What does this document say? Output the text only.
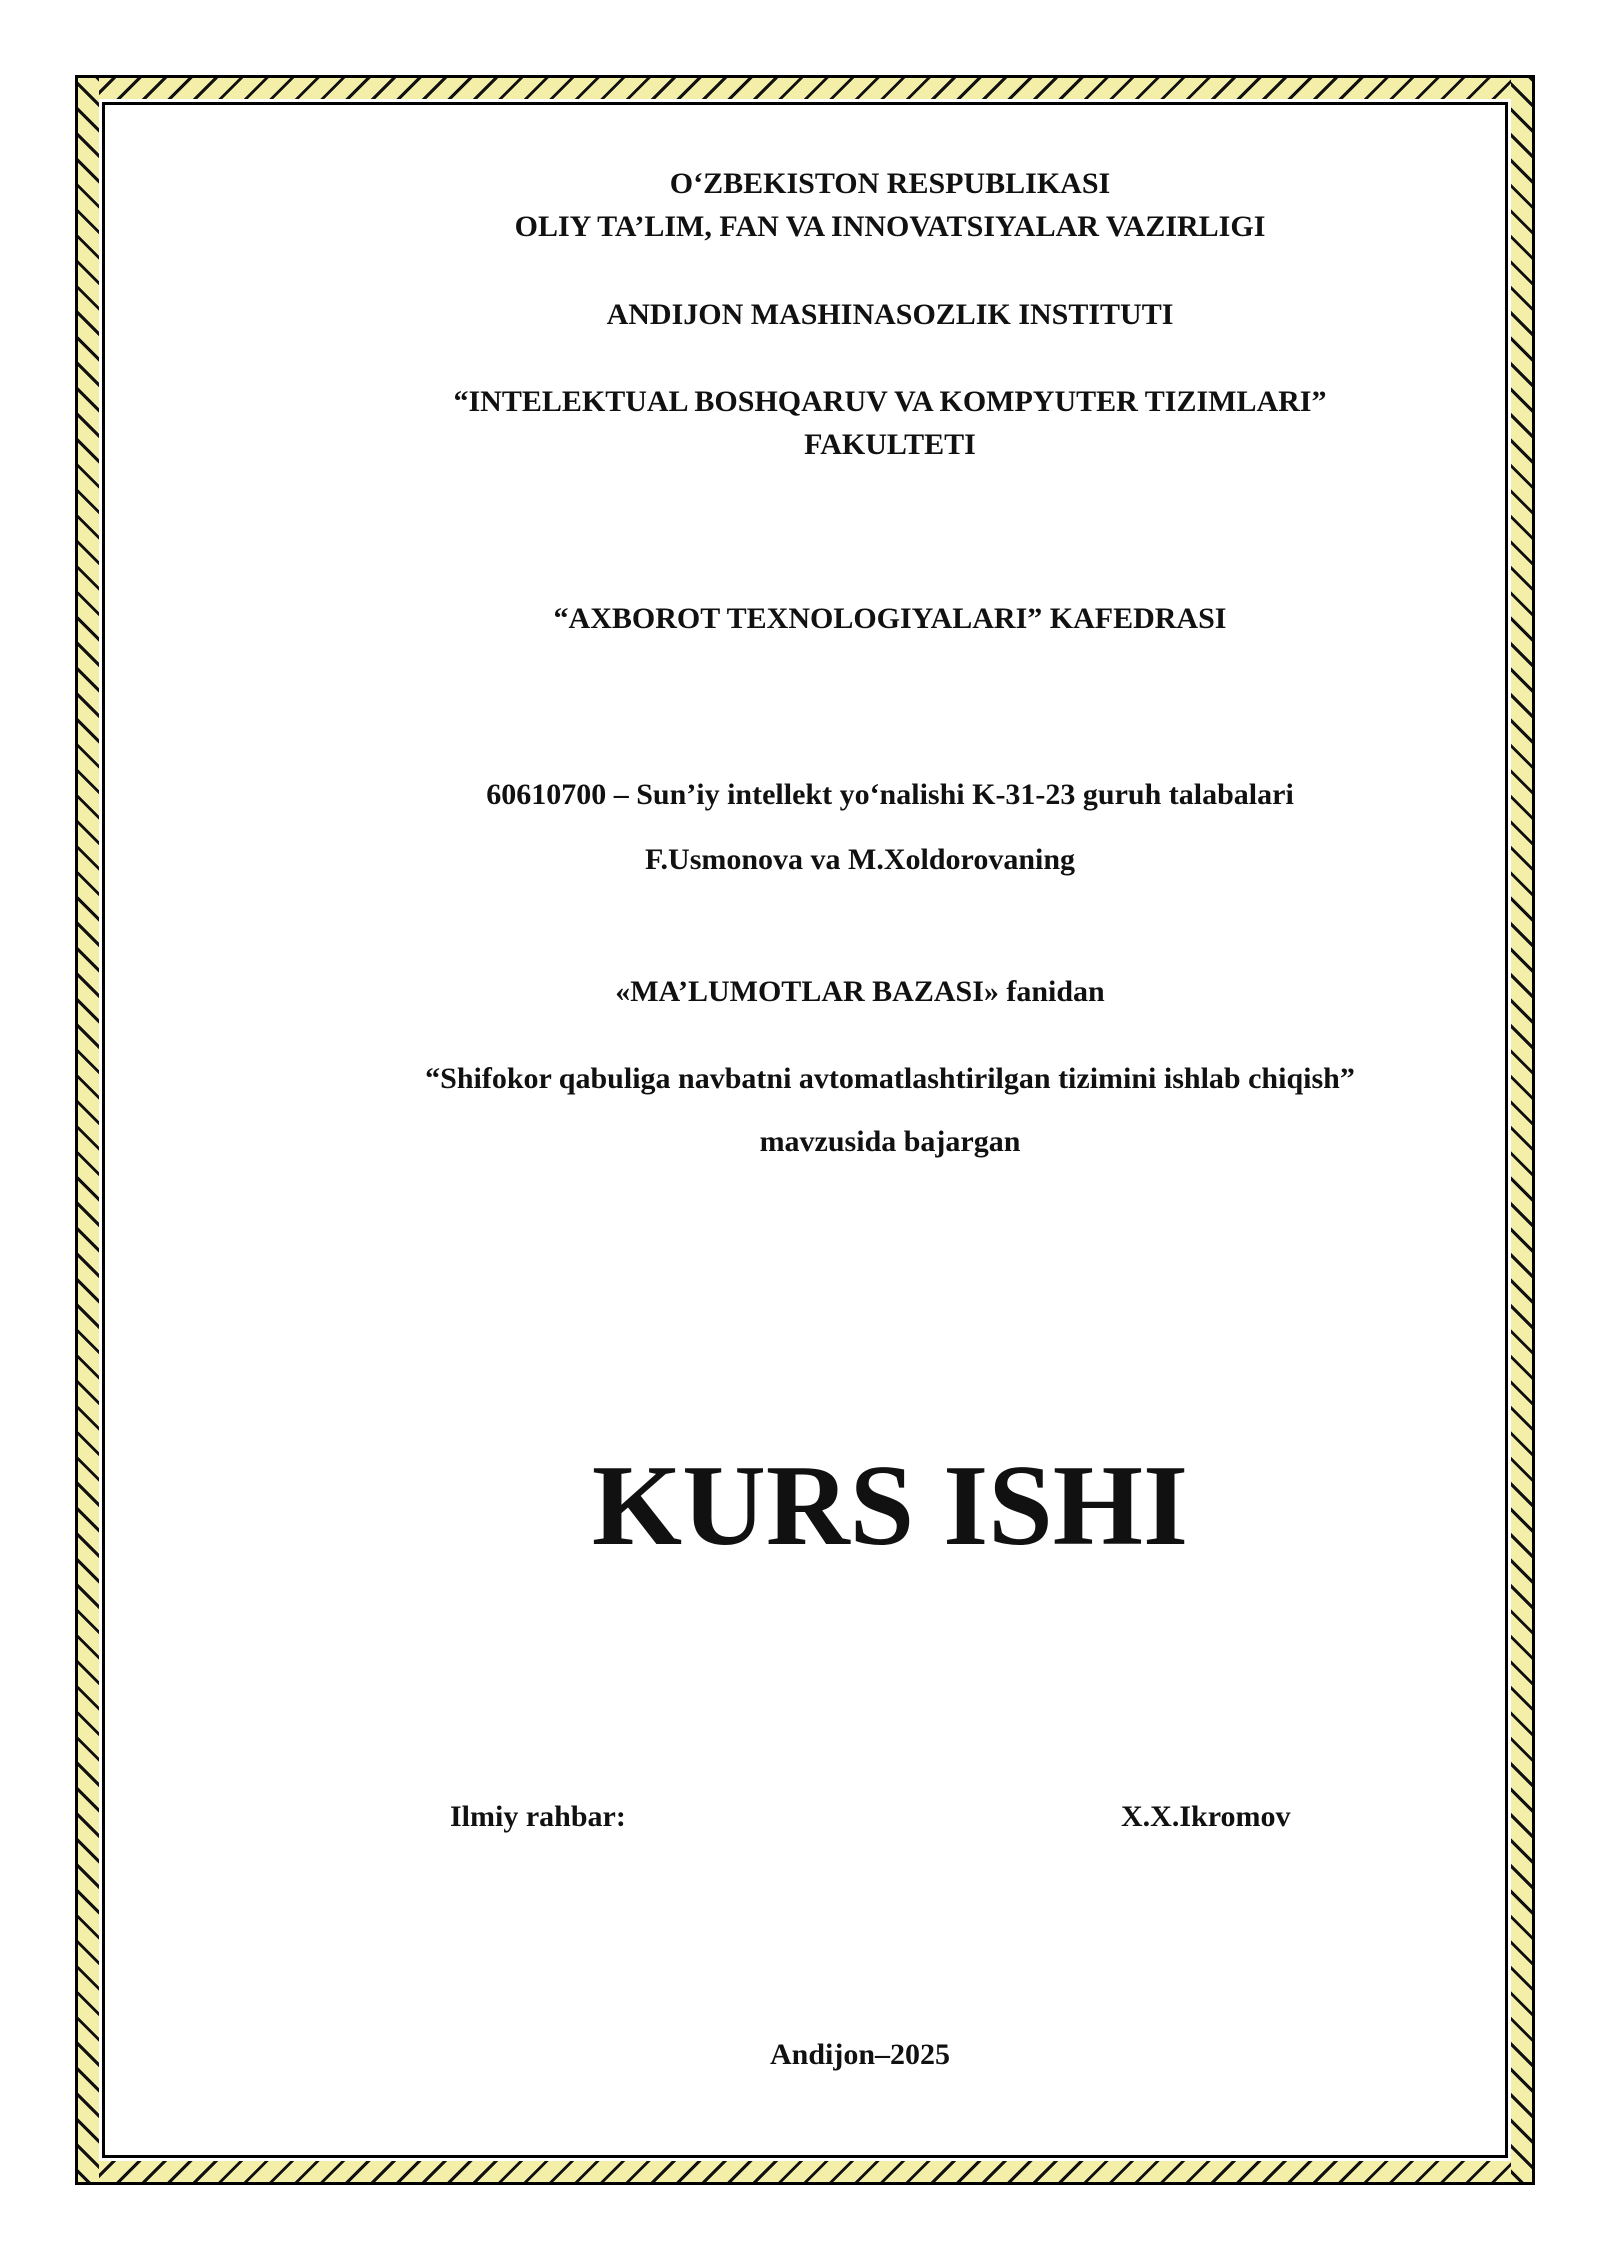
O‘ZBEKISTON RESPUBLIKASI
OLIY TA’LIM, FAN VA INNOVATSIYALAR VAZIRLIGI
ANDIJON MASHINASOZLIK INSTITUTI
“INTELEKTUAL BOSHQARUV VA KOMPYUTER TIZIMLARI”
FAKULTETI
“AXBOROT TEXNOLOGIYALARI” KAFEDRASI
60610700 – Sun’iy intellekt yo‘nalishi K-31-23 guruh talabalari
F.Usmonova va M.Xoldorovaning
«MA’LUMOTLAR BAZASI» fanidan
“Shifokor qabuliga navbatni avtomatlashtirilgan tizimini ishlab chiqish”
mavzusida bajargan
KURS ISHI
Ilmiy rahbar:	X.X.Ikromov
Andijon–2025
